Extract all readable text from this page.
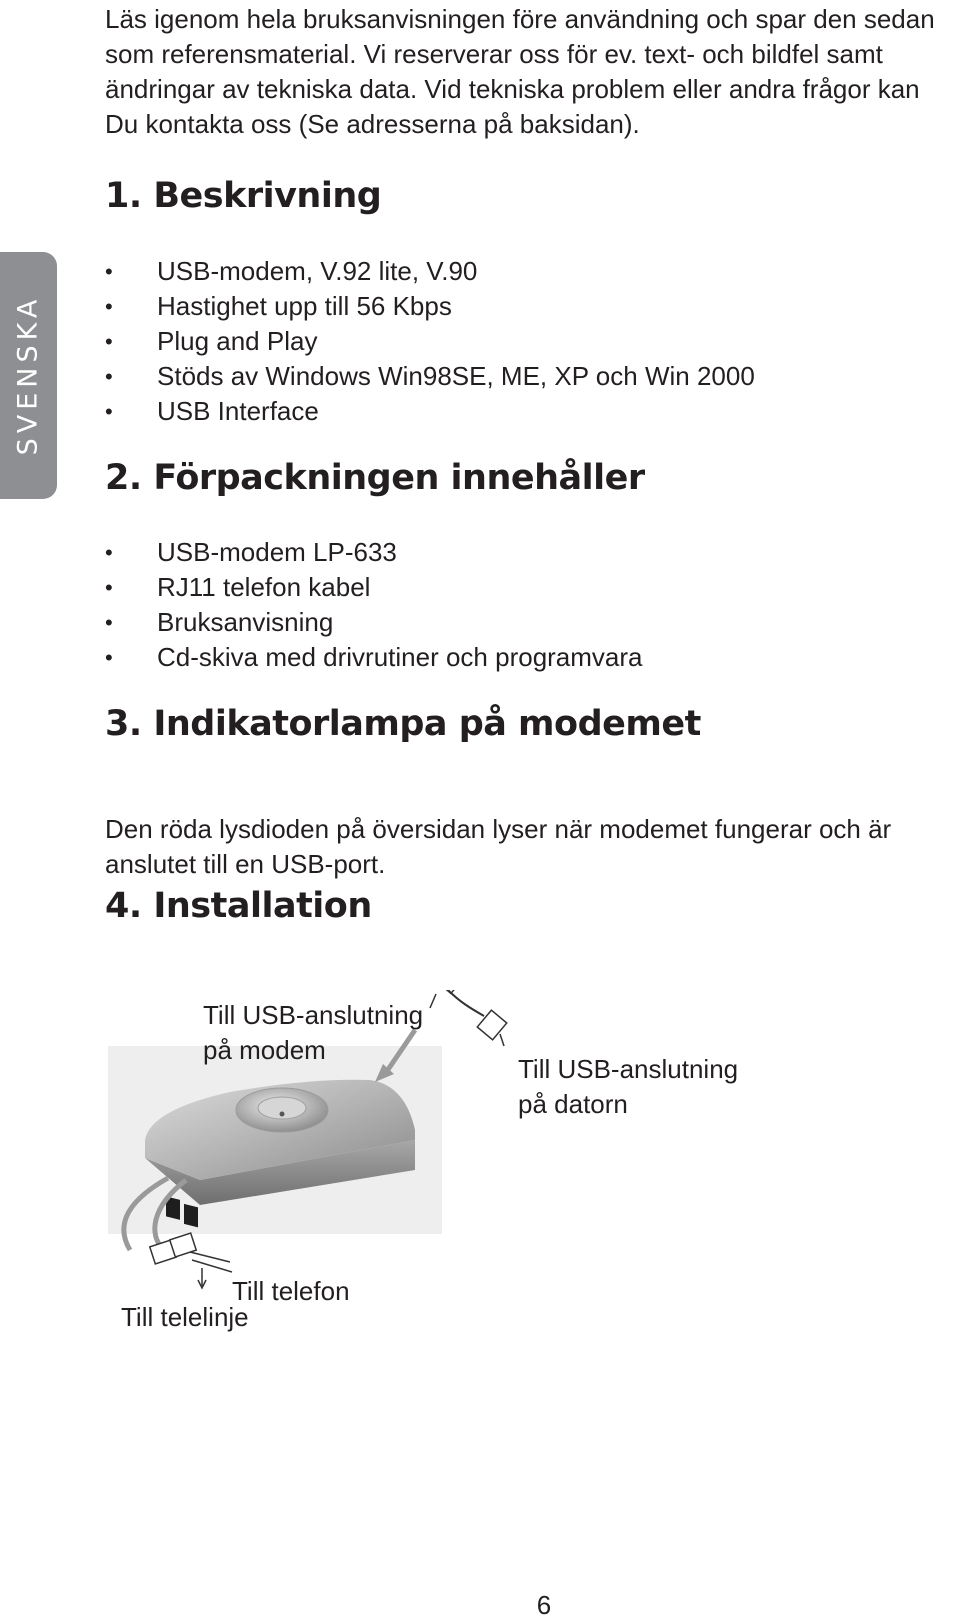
SVENSKA

Läs igenom hela bruksanvisningen före användning och spar den sedan som referensmaterial. Vi reserverar oss för ev. text- och bildfel samt ändringar av tekniska data. Vid tekniska problem eller andra frågor kan Du kontakta oss (Se adresserna på baksidan).

1. Beskrivning
• USB-modem, V.92 lite, V.90
• Hastighet upp till 56 Kbps
• Plug and Play
• Stöds av Windows Win98SE, ME, XP och Win 2000
• USB Interface
2. Förpackningen innehåller
• USB-modem LP-633
• RJ11 telefon kabel
• Bruksanvisning
• Cd-skiva med drivrutiner och programvara
3. Indikatorlampa på modemet

Den röda lysdioden på översidan lyser när modemet fungerar och är anslutet till en USB-port.

4. Installation
Till USB-anslutning
på modem
Till USB-anslutning
på datorn
Till telefon
Till telelinje
6
